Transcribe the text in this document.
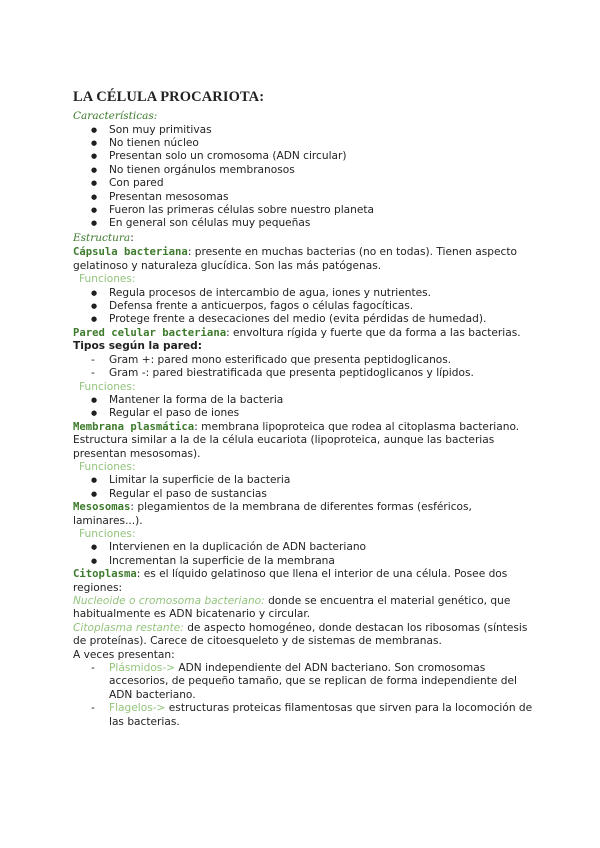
LA CÉLULA PROCARIOTA:

Características:

● Son muy primitivas
● No tienen núcleo
● Presentan solo un cromosoma (ADN circular)
● No tienen orgánulos membranosos
● Con pared
● Presentan mesosomas
● Fueron las primeras células sobre nuestro planeta
● En general son células muy pequeñas

Estructura:

Cápsula bacteriana: presente en muchas bacterias (no en todas). Tienen aspecto gelatinoso y naturaleza glucídica. Son las más patógenas.

Funciones:

● Regula procesos de intercambio de agua, iones y nutrientes.
● Defensa frente a anticuerpos, fagos o células fagocíticas.
● Protege frente a desecaciones del medio (evita pérdidas de humedad).

Pared celular bacteriana: envoltura rígida y fuerte que da forma a las bacterias.

Tipos según la pared:

- Gram +: pared mono esterificado que presenta peptidoglicanos.
- Gram -: pared biestratificada que presenta peptidoglicanos y lípidos.

Funciones:

● Mantener la forma de la bacteria
● Regular el paso de iones

Membrana plasmática: membrana lipoproteica que rodea al citoplasma bacteriano. Estructura similar a la de la célula eucariota (lipoproteica, aunque las bacterias presentan mesosomas).

Funciones:

● Limitar la superficie de la bacteria
● Regular el paso de sustancias

Mesosomas: plegamientos de la membrana de diferentes formas (esféricos, laminares...).

Funciones:

● Intervienen en la duplicación de ADN bacteriano
● Incrementan la superficie de la membrana

Citoplasma: es el líquido gelatinoso que llena el interior de una célula. Posee dos regiones:

Nucleoide o cromosoma bacteriano: donde se encuentra el material genético, que habitualmente es ADN bicatenario y circular.

Citoplasma restante: de aspecto homogéneo, donde destacan los ribosomas (síntesis de proteínas). Carece de citoesqueleto y de sistemas de membranas.

A veces presentan:

- Plásmidos-> ADN independiente del ADN bacteriano. Son cromosomas accesorios, de pequeño tamaño, que se replican de forma independiente del ADN bacteriano.
- Flagelos-> estructuras proteicas filamentosas que sirven para la locomoción de las bacterias.
